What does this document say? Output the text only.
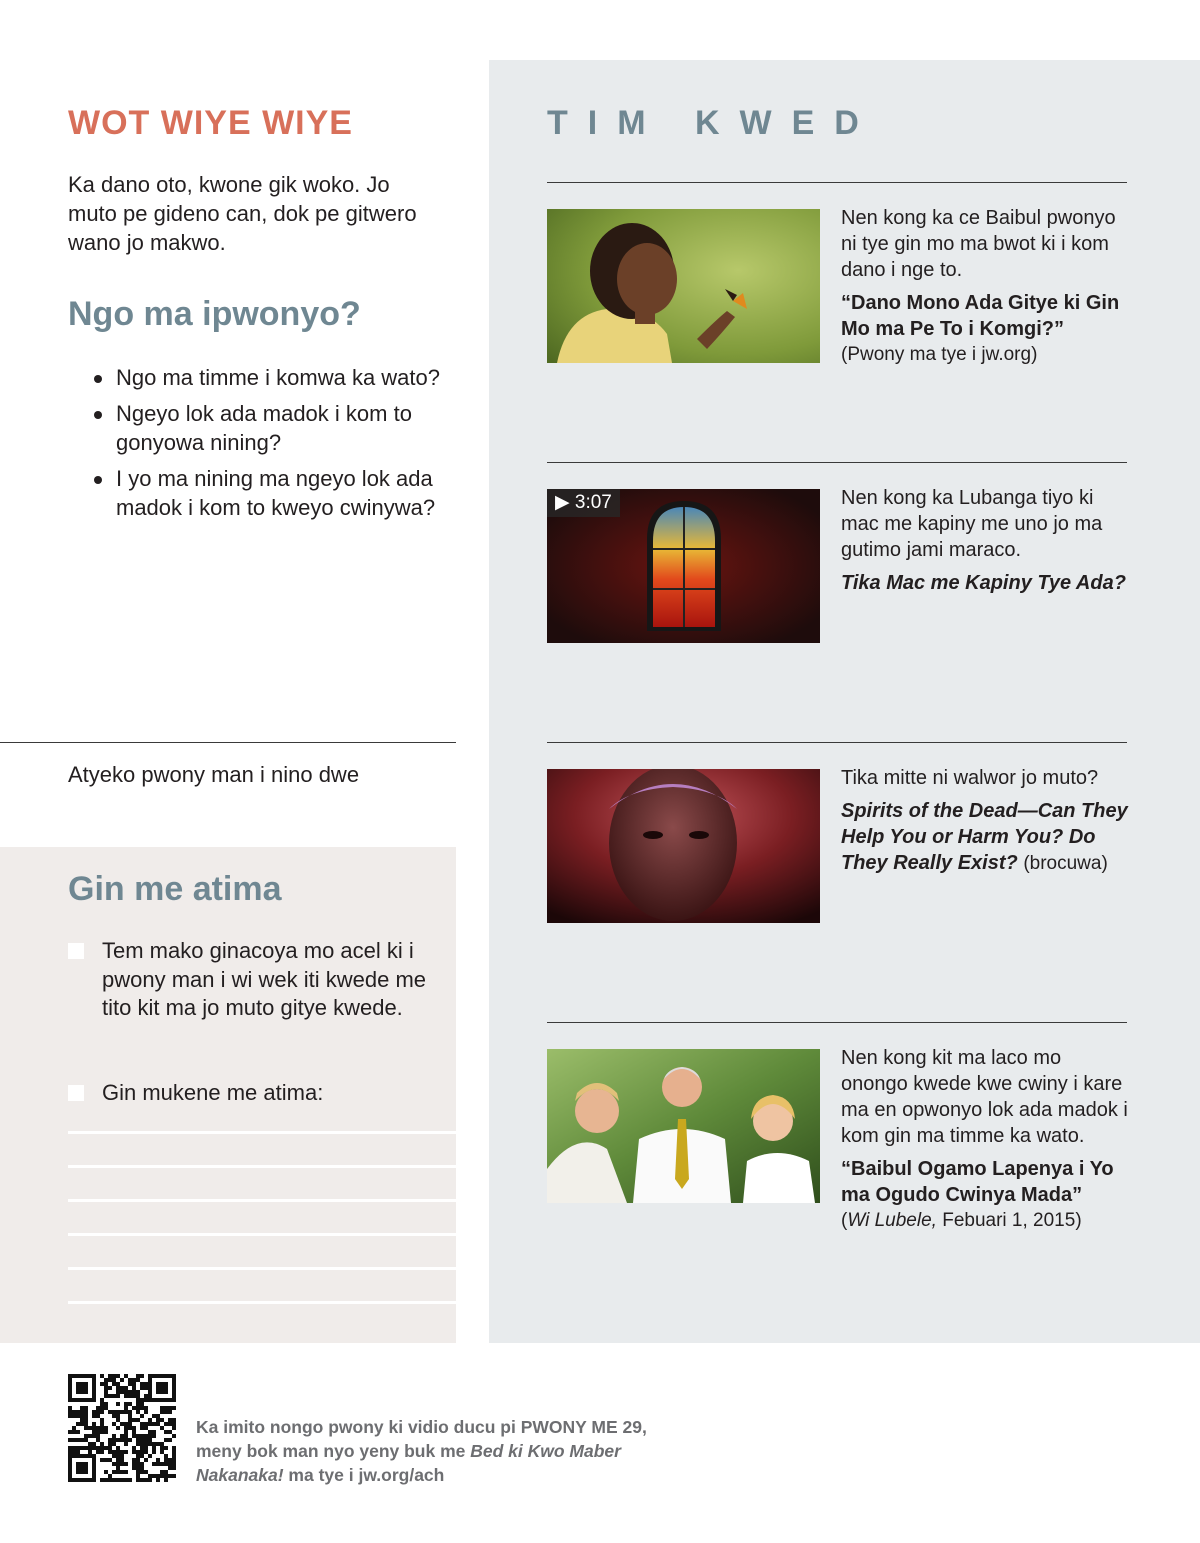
WOT WIYE WIYE

Ka dano oto, kwone gik woko. Jo muto pe gideno can, dok pe gitwero wano jo makwo.

Ngo ma ipwonyo?
Ngo ma timme i komwa ka wato?
Ngeyo lok ada madok i kom to gonyowa nining?
I yo ma nining ma ngeyo lok ada madok i kom to kweyo cwinywa?

Atyeko pwony man i nino dwe

Gin me atima
Tem mako ginacoya mo acel ki i pwony man i wi wek iti kwede me tito kit ma jo muto gitye kwede.
Gin mukene me atima:
TIM KWED

Nen kong ka ce Baibul pwonyo ni tye gin mo ma bwot ki i kom dano i nge to.

“Dano Mono Ada Gitye ki Gin Mo ma Pe To i Komgi?”

(Pwony ma tye i jw.org)

▶ 3:07	Nen kong ka Lubanga tiyo ki mac me kapiny me uno jo ma gutimo jami maraco.

Tika Mac me Kapiny Tye Ada?

Tika mitte ni walwor jo muto?

Spirits of the Dead—Can They Help You or Harm You? Do They Really Exist? (brocuwa)

Nen kong kit ma laco mo onongo kwede kwe cwiny i kare ma en opwonyo lok ada madok i kom gin ma timme ka wato.

“Baibul Ogamo Lapenya i Yo ma Ogudo Cwinya Mada”

(Wi Lubele, Febuari 1, 2015)

Ka imito nongo pwony ki vidio ducu pi PWONY ME 29,
meny bok man nyo yeny buk me Bed ki Kwo Maber
Nakanaka! ma tye i jw.org/ach
